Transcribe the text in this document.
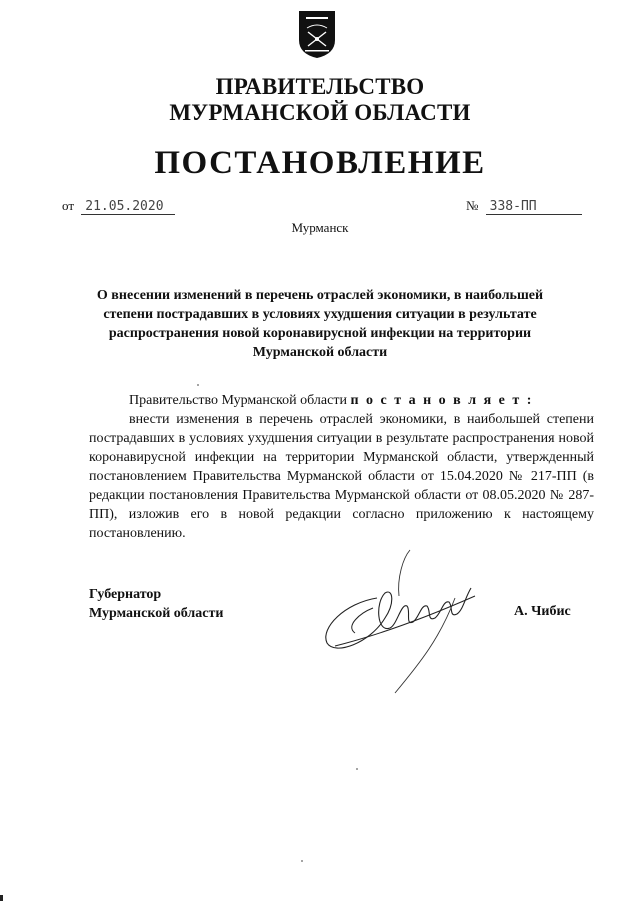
ПРАВИТЕЛЬСТВО
МУРМАНСКОЙ ОБЛАСТИ
ПОСТАНОВЛЕНИЕ
от 21.05.2020	№ 338-ПП
Мурманск
О внесении изменений в перечень отраслей экономики, в наибольшей степени пострадавших в условиях ухудшения ситуации в результате распространения новой коронавирусной инфекции на территории Мурманской области

Правительство Мурманской области п о с т а н о в л я е т :

внести изменения в перечень отраслей экономики, в наибольшей степени пострадавших в условиях ухудшения ситуации в результате распространения новой коронавирусной инфекции на территории Мурманской области, утвержденный постановлением Правительства Мурманской области от 15.04.2020 № 217-ПП (в редакции постановления Правительства Мурманской области от 08.05.2020 № 287-ПП), изложив его в новой редакции согласно приложению к настоящему постановлению.

Губернатор
Мурманской области	А. Чибис
